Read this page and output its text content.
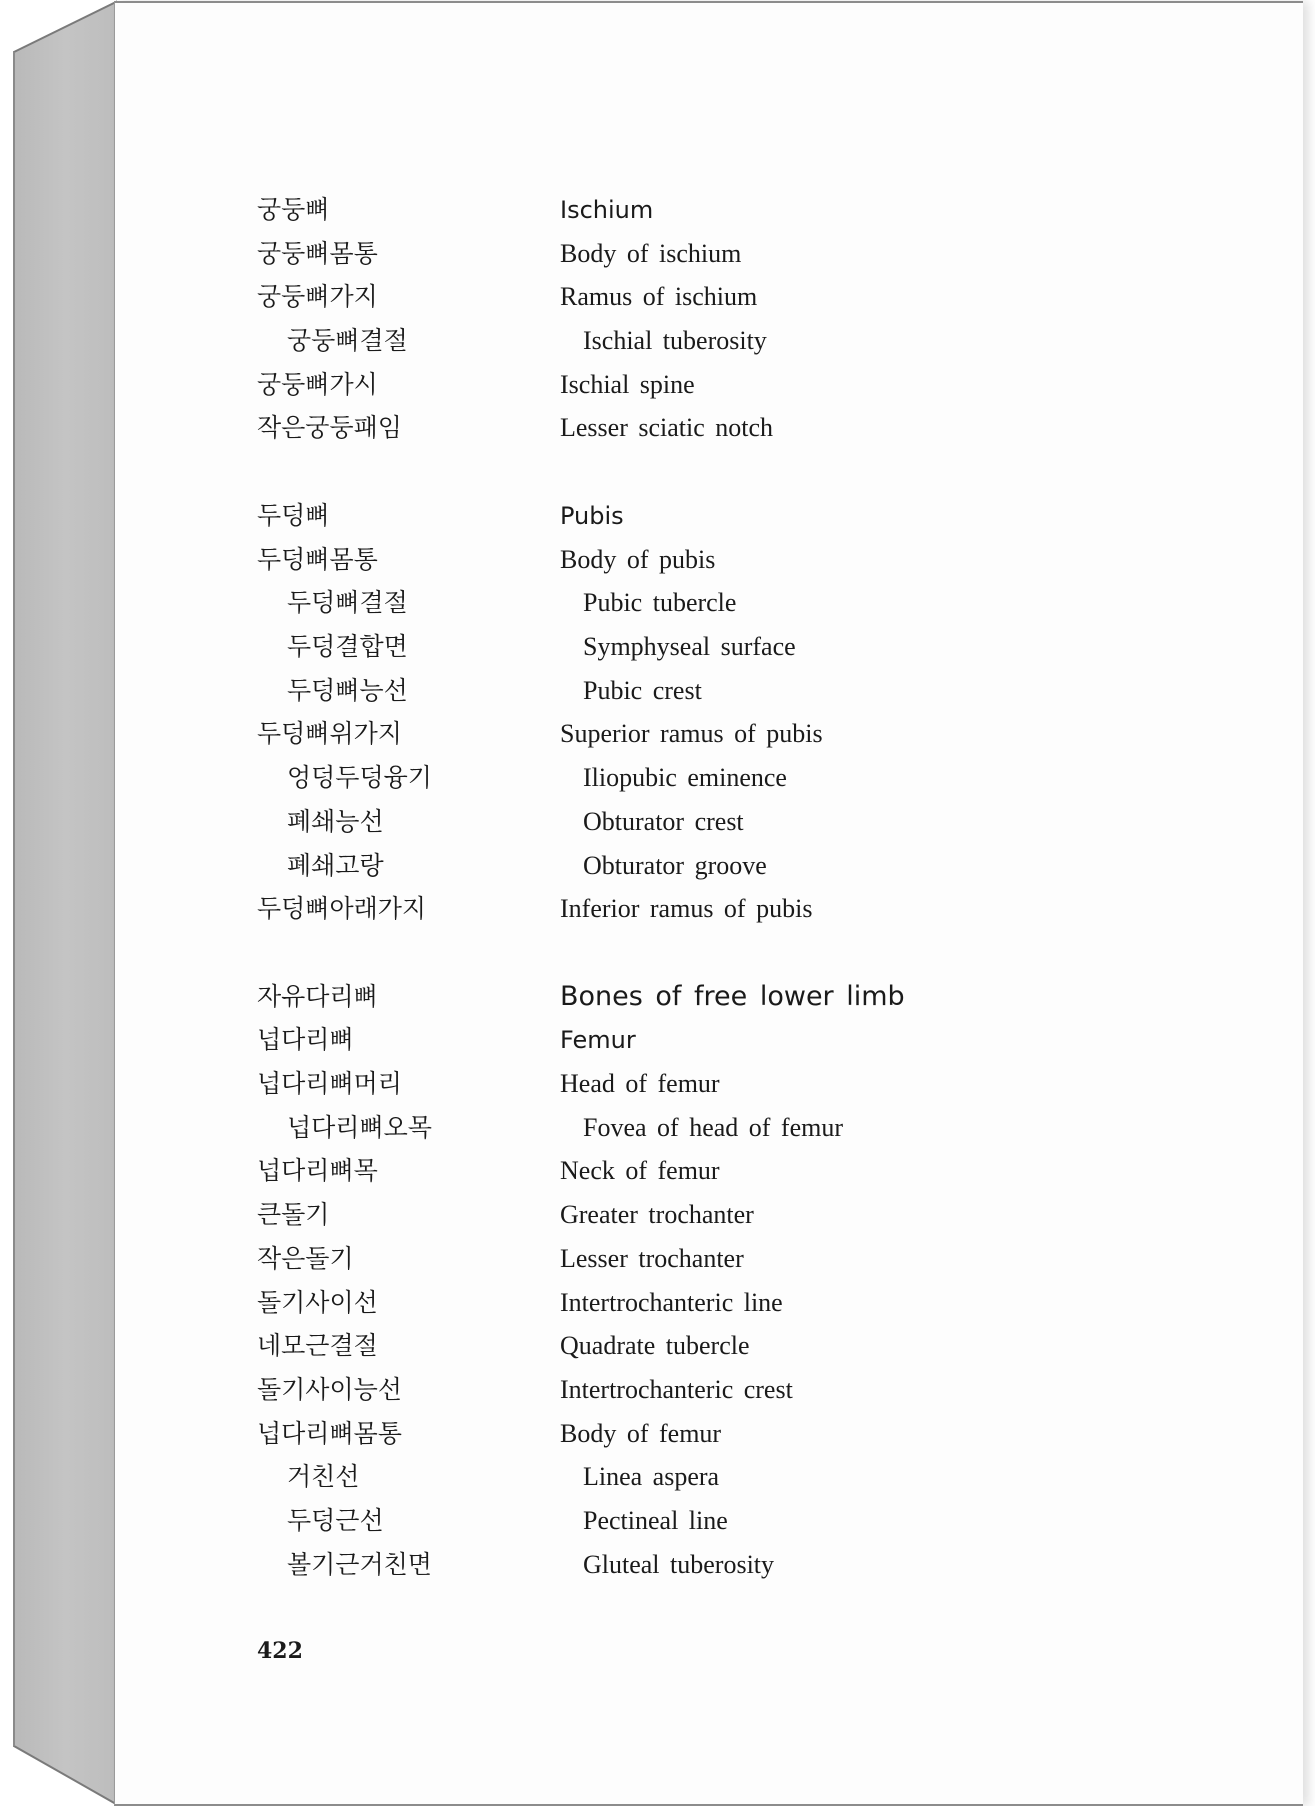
궁둥뼈	Ischium
궁둥뼈몸통	Body of ischium
궁둥뼈가지	Ramus of ischium
궁둥뼈결절	Ischial tuberosity
궁둥뼈가시	Ischial spine
작은궁둥패임	Lesser sciatic notch
두덩뼈	Pubis
두덩뼈몸통	Body of pubis
두덩뼈결절	Pubic tubercle
두덩결합면	Symphyseal surface
두덩뼈능선	Pubic crest
두덩뼈위가지	Superior ramus of pubis
엉덩두덩융기	Iliopubic eminence
폐쇄능선	Obturator crest
폐쇄고랑	Obturator groove
두덩뼈아래가지	Inferior ramus of pubis
자유다리뼈	Bones of free lower limb
넙다리뼈	Femur
넙다리뼈머리	Head of femur
넙다리뼈오목	Fovea of head of femur
넙다리뼈목	Neck of femur
큰돌기	Greater trochanter
작은돌기	Lesser trochanter
돌기사이선	Intertrochanteric line
네모근결절	Quadrate tubercle
돌기사이능선	Intertrochanteric crest
넙다리뼈몸통	Body of femur
거친선	Linea aspera
두덩근선	Pectineal line
볼기근거친면	Gluteal tuberosity
422
